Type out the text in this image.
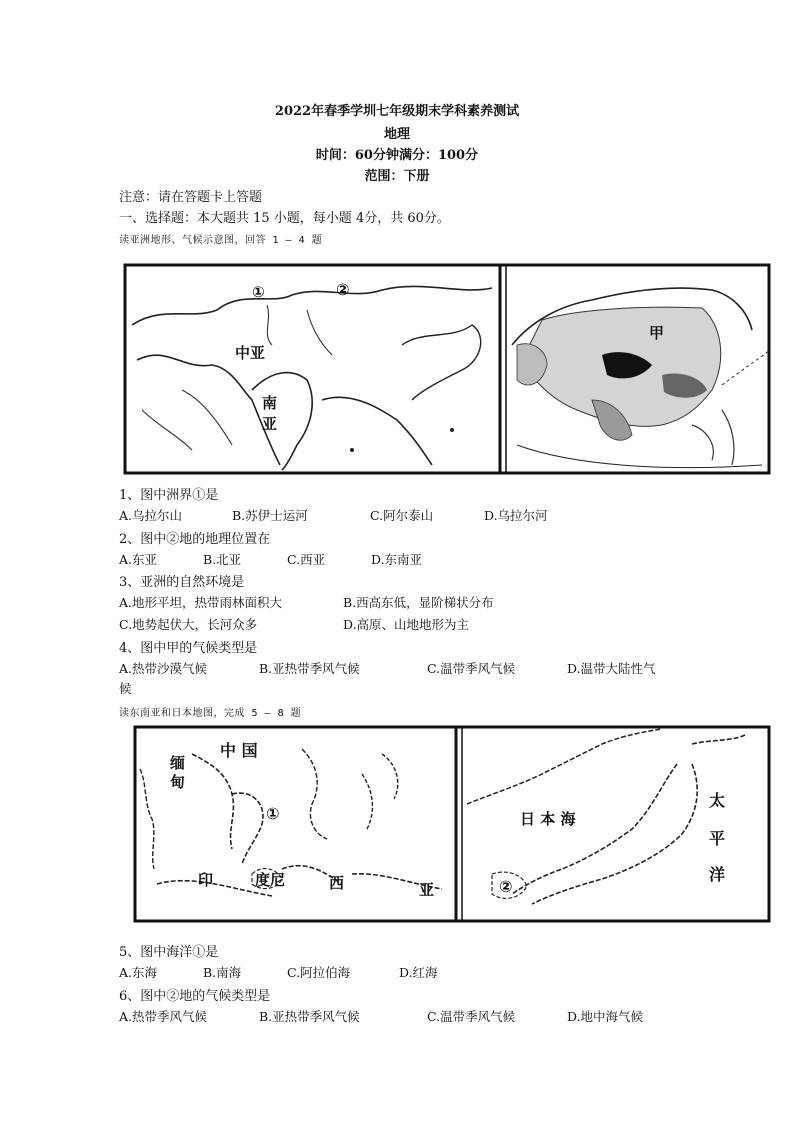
2022年春季学圳七年级期末学科素养测试
地理
时间：60分钟满分：100分
范围：下册
注意：请在答题卡上答题
一、选择题：本大题共 15 小题，每小题 4分，共 60分。
读亚洲地形、气候示意图，回答 1 — 4 题
①	②
中亚
南
亚
甲
1、图中洲界①是
A.乌拉尔山	B.苏伊士运河	C.阿尔泰山	D.乌拉尔河
2、图中②地的地理位置在
A.东亚	B.北亚	C.西亚	D.东南亚
3、亚洲的自然环境是
A.地形平坦，热带雨林面积大	B.西高东低，显阶梯状分布
C.地势起伏大，长河众多	D.高原、山地地形为主
4、图中甲的气候类型是
A.热带沙漠气候	B.亚热带季风气候	C.温带季风气候	D.温带大陆性气
候
读东南亚和日本地图，完成 5 — 8 题
中 国
缅
甸
①
印	度尼	西	亚
日 本 海
太
平
洋
②
5、图中海洋①是
A.东海	B.南海	C.阿拉伯海	D.红海
6、图中②地的气候类型是
A.热带季风气候	B.亚热带季风气候	C.温带季风气候	D.地中海气候
